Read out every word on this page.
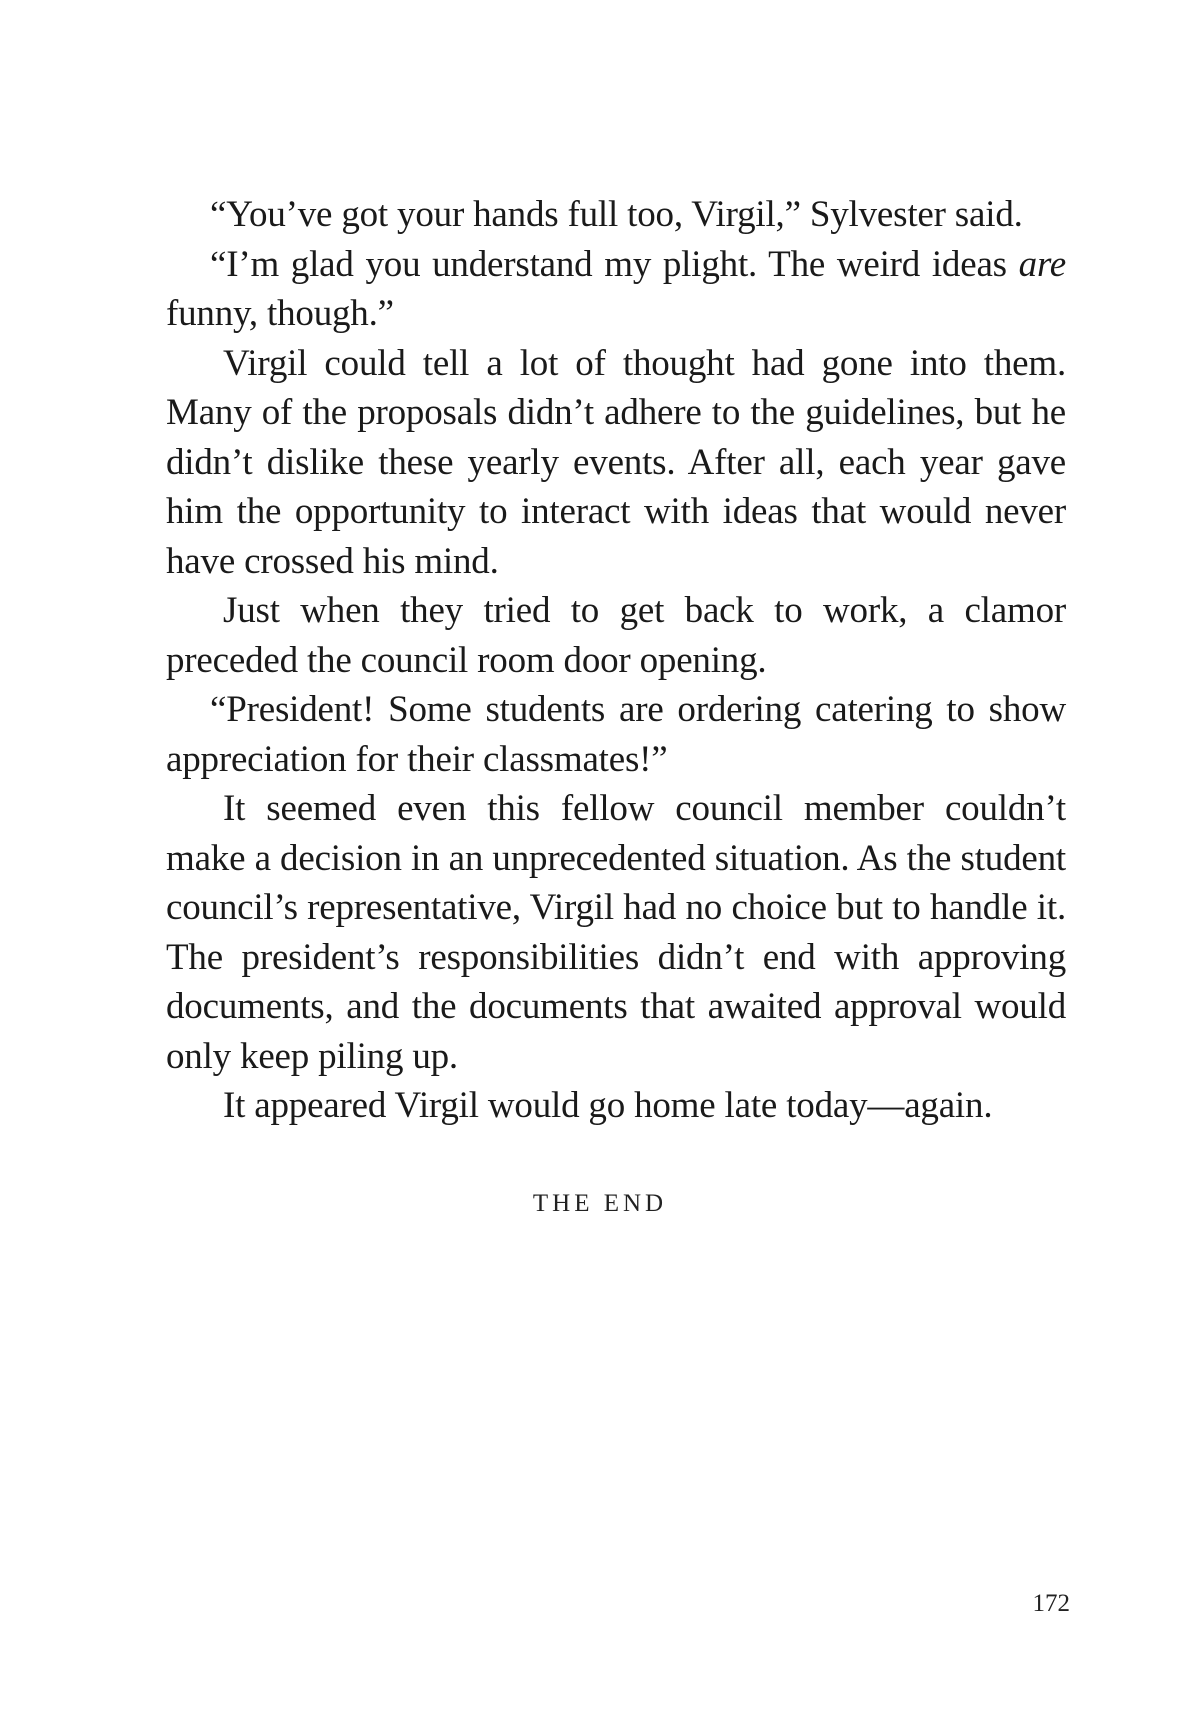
“You’ve got your hands full too, Virgil,” Sylvester said.

“I’m glad you understand my plight. The weird ideas are funny, though.”

Virgil could tell a lot of thought had gone into them. Many of the proposals didn’t adhere to the guidelines, but he didn’t dislike these yearly events. After all, each year gave him the opportunity to interact with ideas that would never have crossed his mind.

Just when they tried to get back to work, a clamor preceded the council room door opening.

“President! Some students are ordering catering to show appreciation for their classmates!”

It seemed even this fellow council member couldn’t make a decision in an unprecedented situation. As the student council’s representative, Virgil had no choice but to handle it. The president’s responsibilities didn’t end with approving documents, and the documents that awaited approval would only keep piling up.

It appeared Virgil would go home late today—again.

THE END
172
